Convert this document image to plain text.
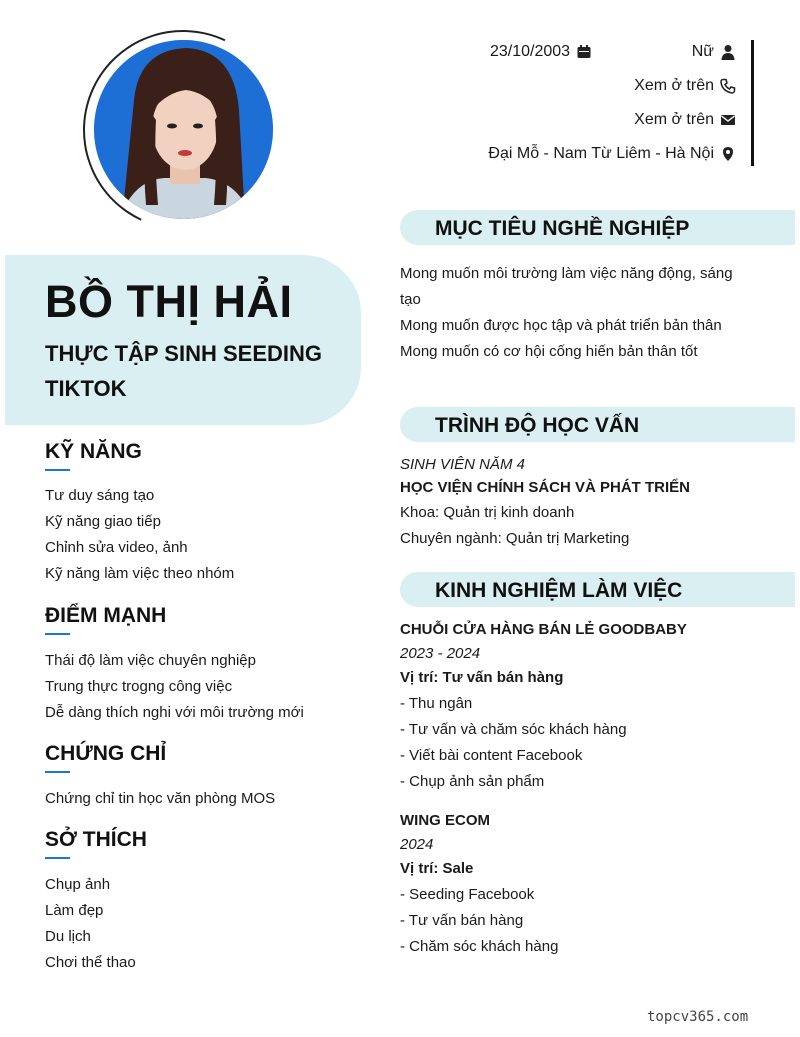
23/10/2003	Nữ
Xem ở trên
Xem ở trên
Đại Mỗ - Nam Từ Liêm - Hà Nội
BỒ THỊ HẢI
THỰC TẬP SINH SEEDING TIKTOK
KỸ NĂNG
Tư duy sáng tạo
Kỹ năng giao tiếp
Chỉnh sửa video, ảnh
Kỹ năng làm việc theo nhóm
ĐIỂM MẠNH
Thái độ làm việc chuyên nghiệp
Trung thực trogng công việc
Dễ dàng thích nghi với môi trường mới
CHỨNG CHỈ
Chứng chỉ tin học văn phòng MOS
SỞ THÍCH
Chụp ảnh
Làm đẹp
Du lịch
Chơi thể thao
MỤC TIÊU NGHỀ NGHIỆP
Mong muốn môi trường làm việc năng động, sáng
tạo
Mong muốn được học tập và phát triển bản thân
Mong muốn có cơ hội cống hiến bản thân tốt
TRÌNH ĐỘ HỌC VẤN
SINH VIÊN NĂM 4
HỌC VIỆN CHÍNH SÁCH VÀ PHÁT TRIỂN
Khoa: Quản trị kinh doanh
Chuyên ngành: Quản trị Marketing
KINH NGHIỆM LÀM VIỆC
CHUỖI CỬA HÀNG BÁN LẺ GOODBABY
2023 - 2024
Vị trí: Tư vấn bán hàng
- Thu ngân
- Tư vấn và chăm sóc khách hàng
- Viết bài content Facebook
- Chụp ảnh sản phẩm
WING ECOM
2024
Vị trí: Sale
- Seeding Facebook
- Tư vấn bán hàng
- Chăm sóc khách hàng
topcv365.com
